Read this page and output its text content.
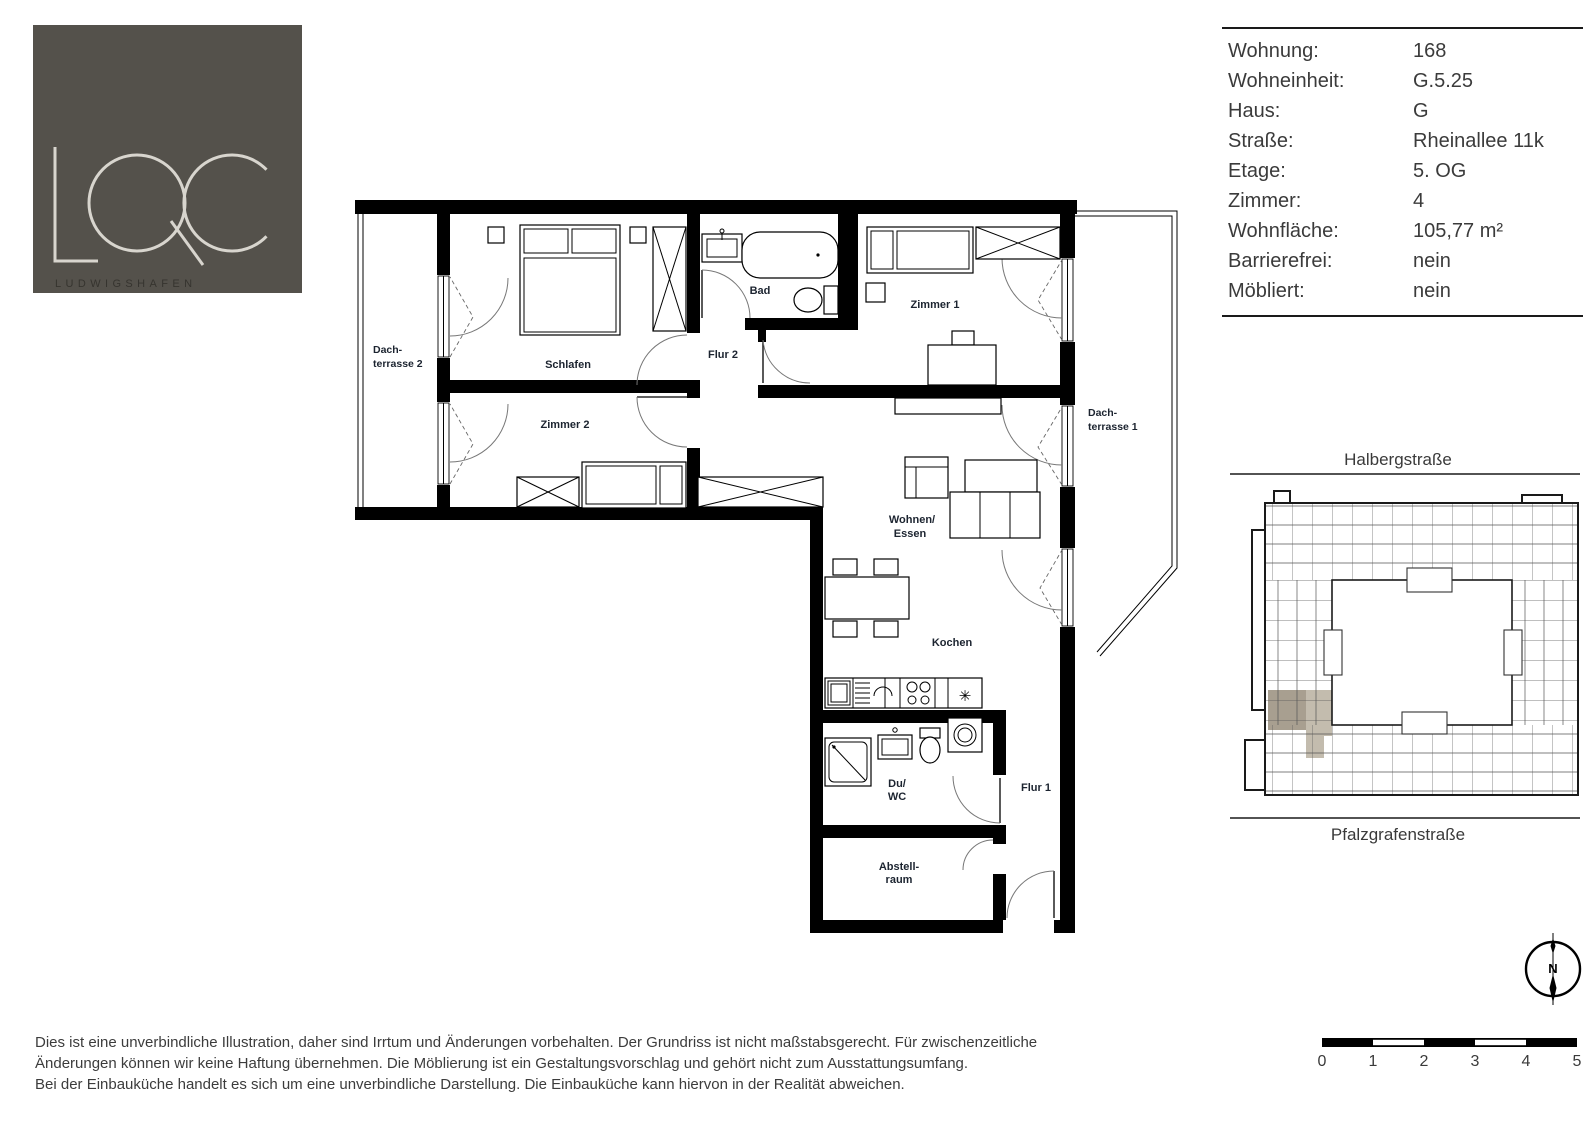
LUDWIGSHAFEN
Wohnung:	168
Wohneinheit:	G.5.25
Haus:	G
Straße:	Rheinallee 11k
Etage:	5. OG
Zimmer:	4
Wohnfläche:	105,77 m²
Barrierefrei:	nein
Möbliert:	nein
✳
Dach-
terrasse 2	Schlafen
Zimmer 2
Flur 2
Bad
Zimmer 1
Dach-
terrasse 1
Wohnen/
Essen
Kochen
Du/
WC
Flur 1
Abstell-
raum
Halbergstraße
Pfalzgrafenstraße
N
0	1	2	3	4	5
Dies ist eine unverbindliche Illustration, daher sind Irrtum und Änderungen vorbehalten. Der Grundriss ist nicht maßstabsgerecht. Für zwischenzeitliche
Änderungen können wir keine Haftung übernehmen. Die Möblierung ist ein Gestaltungsvorschlag und gehört nicht zum Ausstattungsumfang.
Bei der Einbauküche handelt es sich um eine unverbindliche Darstellung. Die Einbauküche kann hiervon in der Realität abweichen.
